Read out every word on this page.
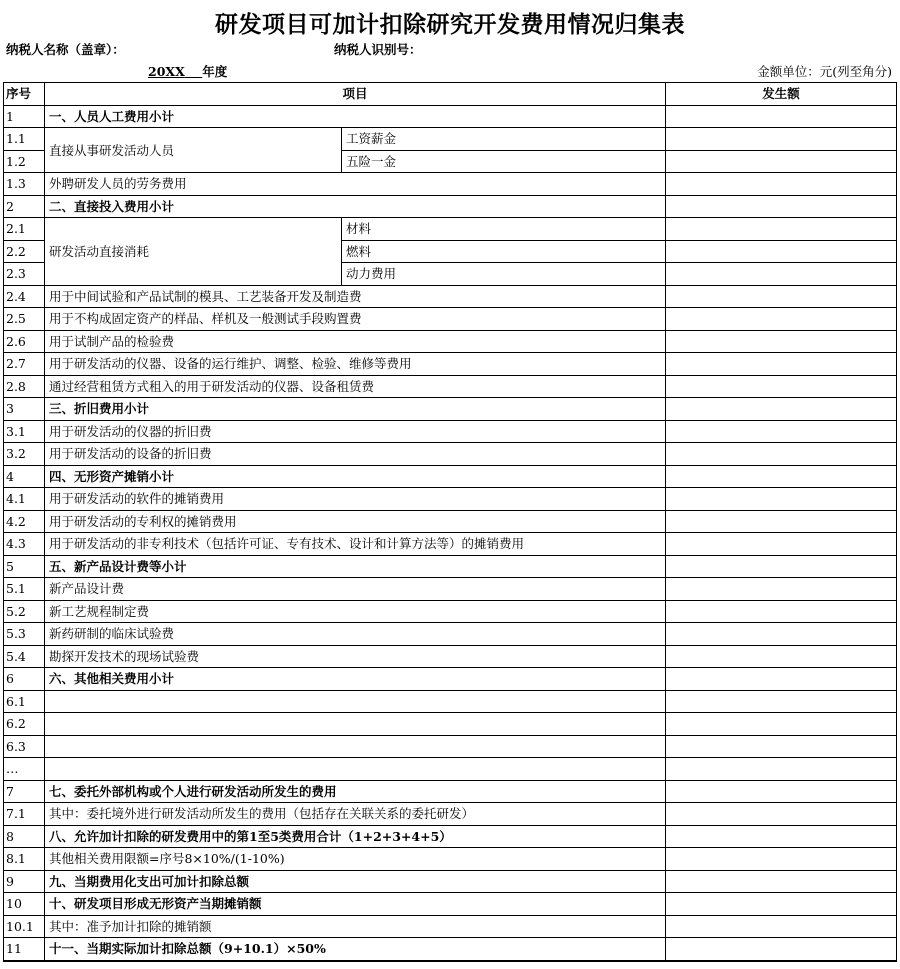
研发项目可加计扣除研究开发费用情况归集表
纳税人名称（盖章）：	纳税人识别号：
20XX 年度	金额单位：元(列至角分)
序号	项目		发生额
1	一、人员人工费用小计		
1.1	直接从事研发活动人员	工资薪金	
1.2		五险一金	
1.3	外聘研发人员的劳务费用		
2	二、直接投入费用小计		
2.1	研发活动直接消耗	材料	
2.2		燃料	
2.3		动力费用	
2.4	用于中间试验和产品试制的模具、工艺装备开发及制造费		
2.5	用于不构成固定资产的样品、样机及一般测试手段购置费		
2.6	用于试制产品的检验费		
2.7	用于研发活动的仪器、设备的运行维护、调整、检验、维修等费用		
2.8	通过经营租赁方式租入的用于研发活动的仪器、设备租赁费		
3	三、折旧费用小计		
3.1	用于研发活动的仪器的折旧费		
3.2	用于研发活动的设备的折旧费		
4	四、无形资产摊销小计		
4.1	用于研发活动的软件的摊销费用		
4.2	用于研发活动的专利权的摊销费用		
4.3	用于研发活动的非专利技术（包括许可证、专有技术、设计和计算方法等）的摊销费用		
5	五、新产品设计费等小计		
5.1	新产品设计费		
5.2	新工艺规程制定费		
5.3	新药研制的临床试验费		
5.4	勘探开发技术的现场试验费		
6	六、其他相关费用小计		
6.1			
6.2			
6.3			
…			
7	七、委托外部机构或个人进行研发活动所发生的费用		
7.1	其中：委托境外进行研发活动所发生的费用（包括存在关联关系的委托研发）		
8	八、允许加计扣除的研发费用中的第1至5类费用合计（1+2+3+4+5）		
8.1	其他相关费用限额=序号8×10%/(1-10%)		
9	九、当期费用化支出可加计扣除总额		
10	十、研发项目形成无形资产当期摊销额		
10.1	其中：准予加计扣除的摊销额		
11	十一、当期实际加计扣除总额（9+10.1）×50%		
